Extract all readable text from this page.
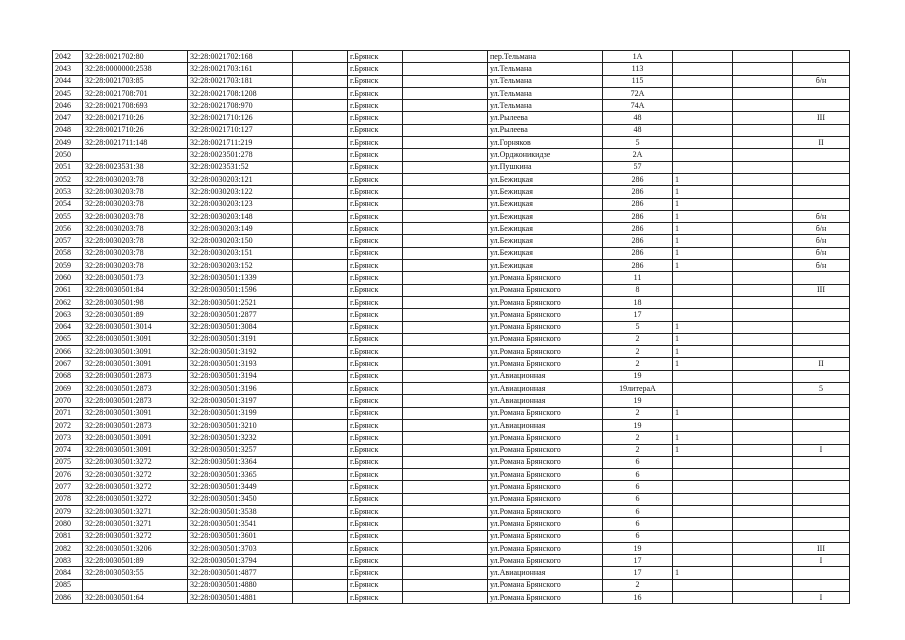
2042	32:28:0021702:80	32:28:0021702:168		г.Брянск		пер.Тельмана	1А			
2043	32:28:0000000:2538	32:28:0021703:161		г.Брянск		ул.Тельмана	113			
2044	32:28:0021703:85	32:28:0021703:181		г.Брянск		ул.Тельмана	115			б/н
2045	32:28:0021708:701	32:28:0021708:1208		г.Брянск		ул.Тельмана	72А			
2046	32:28:0021708:693	32:28:0021708:970		г.Брянск		ул.Тельмана	74А			
2047	32:28:0021710:26	32:28:0021710:126		г.Брянск		ул.Рылеева	48			III
2048	32:28:0021710:26	32:28:0021710:127		г.Брянск		ул.Рылеева	48			
2049	32:28:0021711:148	32:28:0021711:219		г.Брянск		ул.Горняков	5			II
2050		32:28:0023501:278		г.Брянск		ул.Орджоникидзе	2А			
2051	32:28:0023531:38	32:28:0023531:52		г.Брянск		ул.Пушкина	57			
2052	32:28:0030203:78	32:28:0030203:121		г.Брянск		ул.Бежицкая	286	1		
2053	32:28:0030203:78	32:28:0030203:122		г.Брянск		ул.Бежицкая	286	1		
2054	32:28:0030203:78	32:28:0030203:123		г.Брянск		ул.Бежицкая	286	1		
2055	32:28:0030203:78	32:28:0030203:148		г.Брянск		ул.Бежицкая	286	1		б/н
2056	32:28:0030203:78	32:28:0030203:149		г.Брянск		ул.Бежицкая	286	1		б/н
2057	32:28:0030203:78	32:28:0030203:150		г.Брянск		ул.Бежицкая	286	1		б/н
2058	32:28:0030203:78	32:28:0030203:151		г.Брянск		ул.Бежицкая	286	1		б/н
2059	32:28:0030203:78	32:28:0030203:152		г.Брянск		ул.Бежицкая	286	1		б/н
2060	32:28:0030501:73	32:28:0030501:1339		г.Брянск		ул.Романа Брянского	11			
2061	32:28:0030501:84	32:28:0030501:1596		г.Брянск		ул.Романа Брянского	8			III
2062	32:28:0030501:98	32:28:0030501:2521		г.Брянск		ул.Романа Брянского	18			
2063	32:28:0030501:89	32:28:0030501:2877		г.Брянск		ул.Романа Брянского	17			
2064	32:28:0030501:3014	32:28:0030501:3084		г.Брянск		ул.Романа Брянского	5	1		
2065	32:28:0030501:3091	32:28:0030501:3191		г.Брянск		ул.Романа Брянского	2	1		
2066	32:28:0030501:3091	32:28:0030501:3192		г.Брянск		ул.Романа Брянского	2	1		
2067	32:28:0030501:3091	32:28:0030501:3193		г.Брянск		ул.Романа Брянского	2	1		II
2068	32:28:0030501:2873	32:28:0030501:3194		г.Брянск		ул.Авиационная	19			
2069	32:28:0030501:2873	32:28:0030501:3196		г.Брянск		ул.Авиационная	19литераА			5
2070	32:28:0030501:2873	32:28:0030501:3197		г.Брянск		ул.Авиационная	19			
2071	32:28:0030501:3091	32:28:0030501:3199		г.Брянск		ул.Романа Брянского	2	1		
2072	32:28:0030501:2873	32:28:0030501:3210		г.Брянск		ул.Авиационная	19			
2073	32:28:0030501:3091	32:28:0030501:3232		г.Брянск		ул.Романа Брянского	2	1		
2074	32:28:0030501:3091	32:28:0030501:3257		г.Брянск		ул.Романа Брянского	2	1		I
2075	32:28:0030501:3272	32:28:0030501:3364		г.Брянск		ул.Романа Брянского	6			
2076	32:28:0030501:3272	32:28:0030501:3365		г.Брянск		ул.Романа Брянского	6			
2077	32:28:0030501:3272	32:28:0030501:3449		г.Брянск		ул.Романа Брянского	6			
2078	32:28:0030501:3272	32:28:0030501:3450		г.Брянск		ул.Романа Брянского	6			
2079	32:28:0030501:3271	32:28:0030501:3538		г.Брянск		ул.Романа Брянского	6			
2080	32:28:0030501:3271	32:28:0030501:3541		г.Брянск		ул.Романа Брянского	6			
2081	32:28:0030501:3272	32:28:0030501:3601		г.Брянск		ул.Романа Брянского	6			
2082	32:28:0030501:3206	32:28:0030501:3703		г.Брянск		ул.Романа Брянского	19			III
2083	32:28:0030501:89	32:28:0030501:3794		г.Брянск		ул.Романа Брянского	17			I
2084	32:28:0030503:55	32:28:0030501:4877		г.Брянск		ул.Авиационная	17	1		
2085		32:28:0030501:4880		г.Брянск		ул.Романа Брянского	2			
2086	32:28:0030501:64	32:28:0030501:4881		г.Брянск		ул.Романа Брянского	16			I
